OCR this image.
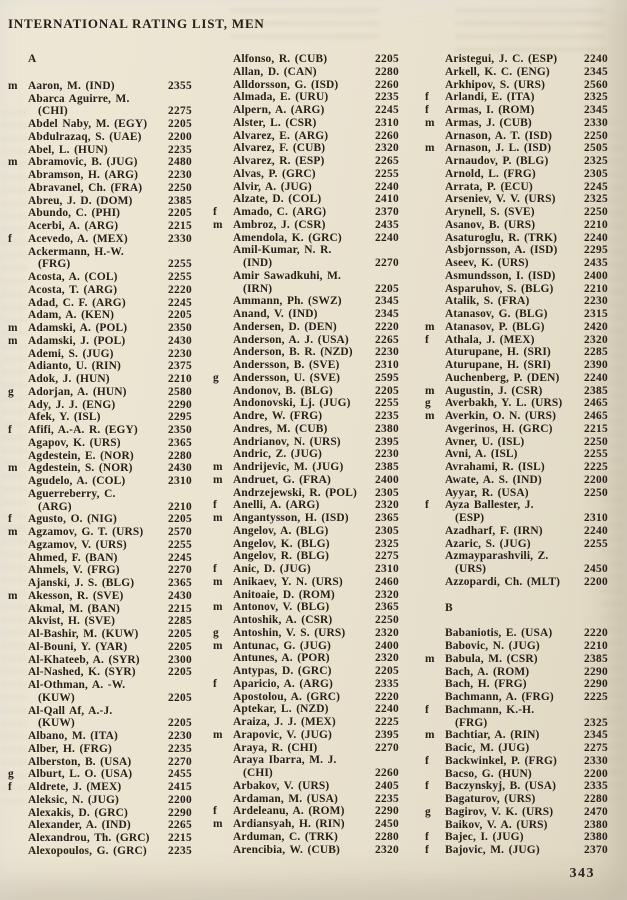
INTERNATIONAL RATING LIST, MEN
A
m Aaron, M. (IND)	2355
Abarca Aguirre, M.
(CHI)	2275
Abdel Naby, M. (EGY)	2205
Abdulrazaq, S. (UAE)	2200
Abel, L. (HUN)	2235
m Abramovic, B. (JUG)	2480
Abramson, H. (ARG)	2230
Abravanel, Ch. (FRA)	2250
Abreu, J. D. (DOM)	2385
Abundo, C. (PHI)	2205
Acerbi, A. (ARG)	2215
f	Acevedo, A. (MEX)	2330
Ackermann, H.-W.
(FRG)	2255
Acosta, A. (COL)	2255
Acosta, T. (ARG)	2220
Adad, C. F. (ARG)	2245
Adam, A. (KEN)	2205
m Adamski, A. (POL)	2350
m Adamski, J. (POL)	2430
Ademi, S. (JUG)	2230
Adianto, U. (RIN)	2375
Adok, J. (HUN)	2210
g	Adorjan, A. (HUN)	2580
Ady, J. J. (ENG)	2290
Afek, Y. (ISL)	2295
f	Afifi, A.-A. R. (EGY)	2350
Agapov, K. (URS)	2365
Agdestein, E. (NOR)	2280
m Agdestein, S. (NOR)	2430
Agudelo, A. (COL)	2310
Aguerreberry, C.
(ARG)	2210
f	Agusto, O. (NIG)	2205
m Agzamov, G. T. (URS)	2570
Agzamov, V. (URS)	2255
Ahmed, F. (BAN)	2245
Ahmels, V. (FRG)	2270
Ajanski, J. S. (BLG)	2365
m Akesson, R. (SVE)	2430
Akmal, M. (BAN)	2215
Akvist, H. (SVE)	2285
Al-Bashir, M. (KUW)	2205
Al-Bouni, Y. (YAR)	2205
Al-Khateeb, A. (SYR)	2300
Al-Nashed, K. (SYR)	2205
Al-Othman, A. -W.
(KUW)	2205
Al-Qall Af, A.-J.
(KUW)	2205
Albano, M. (ITA)	2230
Alber, H. (FRG)	2235
Alberston, B. (USA)	2270
g	Alburt, L. O. (USA)	2455
f	Aldrete, J. (MEX)	2415
Aleksic, N. (JUG)	2200
Alexakis, D. (GRC)	2290
Alexander, A. (IND)	2265
Alexandrou, Th. (GRC)	2215
Alexopoulos, G. (GRC)	2235
Alfonso, R. (CUB)	2205
Allan, D. (CAN)	2280
Alldorsson, G. (ISD)	2260
Almada, E. (URU)	2235
Alpern, A. (ARG)	2245
Alster, L. (CSR)	2310
Alvarez, E. (ARG)	2260
Alvarez, F. (CUB)	2320
Alvarez, R. (ESP)	2265
Alvas, P. (GRC)	2255
Alvir, A. (JUG)	2240
Alzate, D. (COL)	2410
f	Amado, C. (ARG)	2370
m Ambroz, J. (CSR)	2435
Amendola, K. (GRC)	2240
Amil-Kumar, N. R.
(IND)	2270
Amir Sawadkuhi, M.
(IRN)	2205
Ammann, Ph. (SWZ)	2345
Anand, V. (IND)	2345
Andersen, D. (DEN)	2220
Anderson, A. J. (USA)	2265
Anderson, B. R. (NZD)	2230
Andersson, B. (SVE)	2310
g	Andersson, U. (SVE)	2595
Andonov, B. (BLG)	2205
Andonovski, Lj. (JUG)	2255
Andre, W. (FRG)	2235
Andres, M. (CUB)	2380
Andrianov, N. (URS)	2395
Andric, Z. (JUG)	2230
m Andrijevic, M. (JUG)	2385
m Andruet, G. (FRA)	2400
Andrzejewski, R. (POL)	2305
f	Anelli, A. (ARG)	2320
m Angantysson, H. (ISD)	2365
Angelov, A. (BLG)	2305
Angelov, K. (BLG)	2325
Angelov, R. (BLG)	2275
f	Anic, D. (JUG)	2310
m Anikaev, Y. N. (URS)	2460
Anitoaie, D. (ROM)	2320
m Antonov, V. (BLG)	2365
Antoshik, A. (CSR)	2250
g	Antoshin, V. S. (URS)	2320
m Antunac, G. (JUG)	2400
Antunes, A. (POR)	2320
Antypas, D. (GRC)	2205
f	Aparicio, A. (ARG)	2335
Apostolou, A. (GRC)	2220
Aptekar, L. (NZD)	2240
Araiza, J. J. (MEX)	2225
m Arapovic, V. (JUG)	2395
Araya, R. (CHI)	2270
Araya Ibarra, M. J.
(CHI)	2260
Arbakov, V. (URS)	2405
Ardaman, M. (USA)	2235
f	Ardeleanu, A. (ROM)	2290
m Ardiansyah, H. (RIN)	2450
Arduman, C. (TRK)	2280
Arencibia, W. (CUB)	2320
Aristegui, J. C. (ESP)	2240
Arkell, K. C. (ENG)	2345
Arkhipov, S. (URS)	2560
f	Arlandi, E. (ITA)	2325
f	Armas, I. (ROM)	2345
m Armas, J. (CUB)	2330
Arnason, A. T. (ISD)	2250
m Arnason, J. L. (ISD)	2505
Arnaudov, P. (BLG)	2325
Arnold, L. (FRG)	2305
Arrata, P. (ECU)	2245
Arseniev, V. V. (URS)	2325
Arynell, S. (SVE)	2250
Asanov, B. (URS)	2210
Asaturoglu, R. (TRK)	2240
Asbjornsson, A. (ISD)	2295
Aseev, K. (URS)	2435
Asmundsson, I. (ISD)	2400
Asparuhov, S. (BLG)	2210
Atalik, S. (FRA)	2230
Atanasov, G. (BLG)	2315
m Atanasov, P. (BLG)	2420
f	Athala, J. (MEX)	2320
Aturupane, H. (SRI)	2285
Aturupane, H. (SRI)	2390
Auchenberg, P. (DEN)	2240
m Augustin, J. (CSR)	2385
g	Averbakh, Y. L. (URS)	2465
m Averkin, O. N. (URS)	2465
Avgerinos, H. (GRC)	2215
Avner, U. (ISL)	2250
Avni, A. (ISL)	2255
Avrahami, R. (ISL)	2225
Awate, A. S. (IND)	2200
Ayyar, R. (USA)	2250
f	Ayza Ballester, J.
(ESP)	2310
Azadharf, F. (IRN)	2240
Azaric, S. (JUG)	2255
Azmayparashvili, Z.
(URS)	2450
Azzopardi, Ch. (MLT)	2200
B
Babaniotis, E. (USA)	2220
Babovic, N. (JUG)	2210
m Babula, M. (CSR)	2385
Bach, A. (ROM)	2290
Bach, H. (FRG)	2290
Bachmann, A. (FRG)	2225
f	Bachmann, K.-H.
(FRG)	2325
m Bachtiar, A. (RIN)	2345
Bacic, M. (JUG)	2275
f	Backwinkel, P. (FRG)	2330
Bacso, G. (HUN)	2200
f	Baczynskyj, B. (USA)	2335
Bagaturov, (URS)	2280
g	Bagirov, V. K. (URS)	2470
Baikov, V. A. (URS)	2380
f	Bajec, I. (JUG)	2380
f	Bajovic, M. (JUG)	2370
343
